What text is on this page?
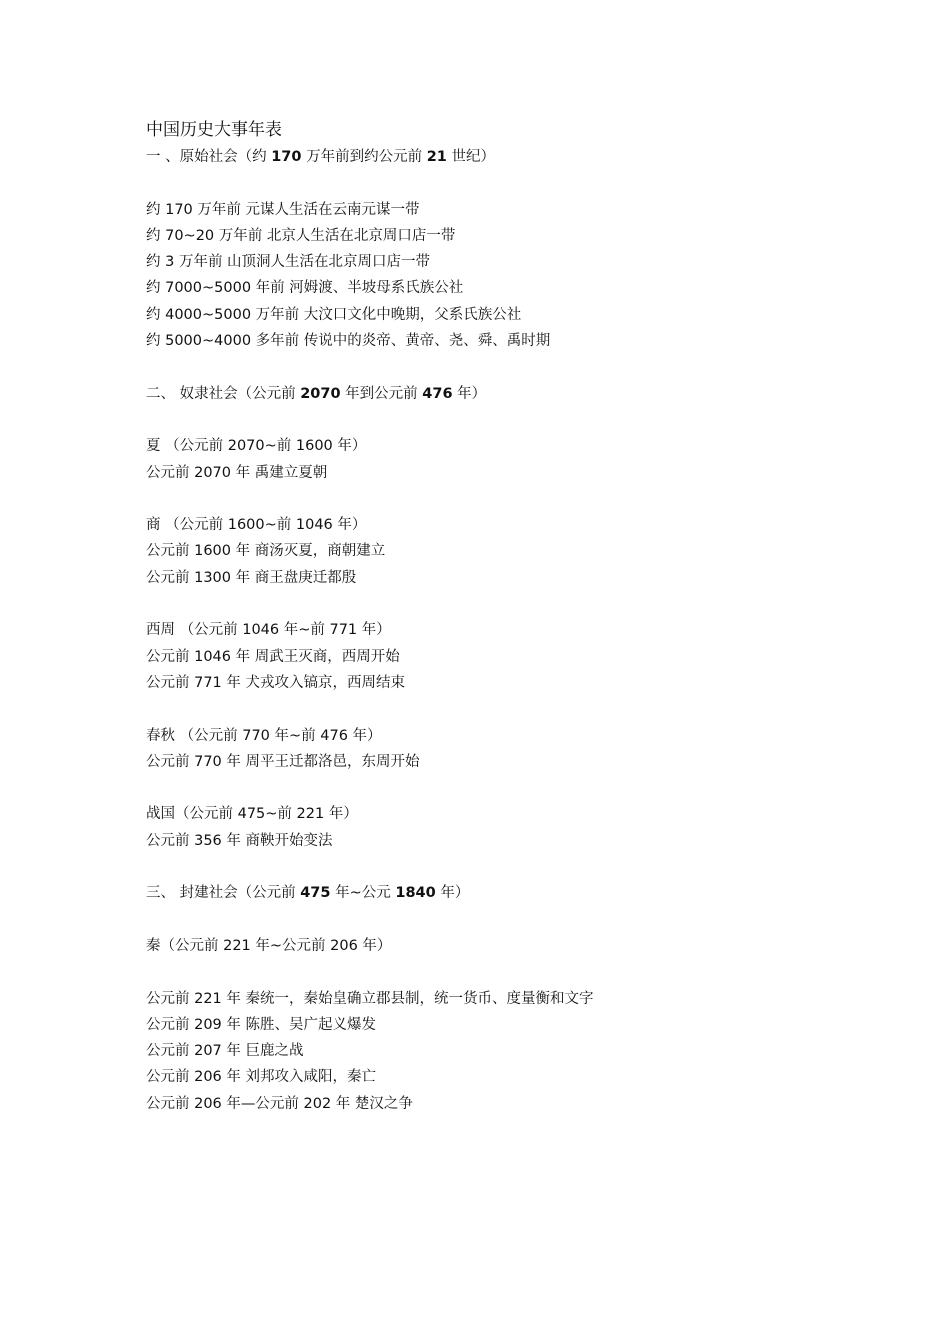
中国历史大事年表
一 、原始社会（约 170 万年前到约公元前 21 世纪）
约 170 万年前 元谋人生活在云南元谋一带
约 70~20 万年前 北京人生活在北京周口店一带
约 3 万年前 山顶洞人生活在北京周口店一带
约 7000~5000 年前 河姆渡、半坡母系氏族公社
约 4000~5000 万年前 大汶口文化中晚期，父系氏族公社
约 5000~4000 多年前 传说中的炎帝、黄帝、尧、舜、禹时期
二、 奴隶社会（公元前 2070 年到公元前 476 年）
夏 （公元前 2070~前 1600 年）
公元前 2070 年 禹建立夏朝
商 （公元前 1600~前 1046 年）
公元前 1600 年 商汤灭夏，商朝建立
公元前 1300 年 商王盘庚迁都殷
西周 （公元前 1046 年~前 771 年）
公元前 1046 年 周武王灭商，西周开始
公元前 771 年 犬戎攻入镐京，西周结束
春秋 （公元前 770 年~前 476 年）
公元前 770 年 周平王迁都洛邑，东周开始
战国（公元前 475~前 221 年）
公元前 356 年 商鞅开始变法
三、 封建社会（公元前 475 年~公元 1840 年）
秦（公元前 221 年~公元前 206 年）
公元前 221 年 秦统一，秦始皇确立郡县制，统一货币、度量衡和文字
公元前 209 年 陈胜、吴广起义爆发
公元前 207 年 巨鹿之战
公元前 206 年 刘邦攻入咸阳，秦亡
公元前 206 年—公元前 202 年 楚汉之争
